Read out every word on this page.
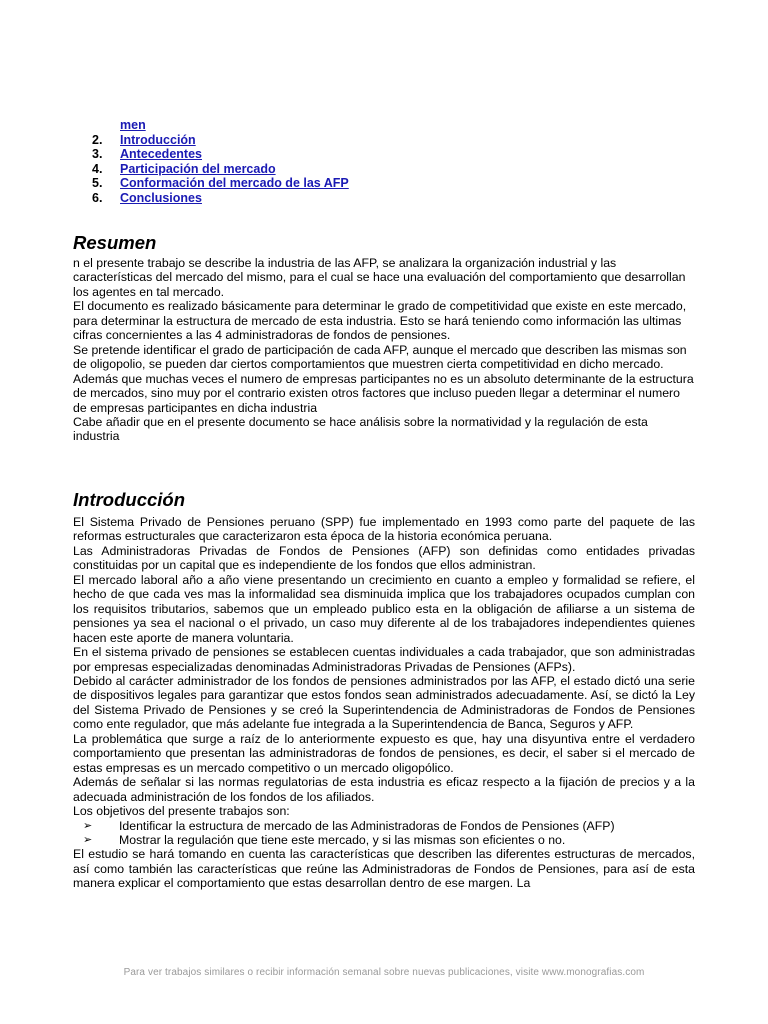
men
2.	Introducción
3.	Antecedentes
4.	Participación del mercado
5.	Conformación del mercado de las AFP
6.	Conclusiones
Resumen

n el presente trabajo se describe la industria de las AFP, se analizara la organización industrial y las características del mercado del mismo, para el cual se hace una evaluación del comportamiento que desarrollan los agentes en tal mercado.

El documento es realizado básicamente para determinar le grado de competitividad que existe en este mercado, para determinar la estructura de mercado de esta industria. Esto se hará teniendo como información las ultimas cifras concernientes a las 4 administradoras de fondos de pensiones.

Se pretende identificar el grado de participación de cada AFP, aunque el mercado que describen las mismas son de oligopolio, se pueden dar ciertos comportamientos que muestren cierta competitividad en dicho mercado.

Además que muchas veces el numero de empresas participantes no es un absoluto determinante de la estructura de mercados, sino muy por el contrario existen otros factores que incluso pueden llegar a determinar el numero de empresas participantes en dicha industria

Cabe añadir que en el presente documento se hace análisis sobre la normatividad y la regulación de esta industria

Introducción

El Sistema Privado de Pensiones peruano (SPP) fue implementado en 1993 como parte del paquete de las reformas estructurales que caracterizaron esta época de la historia económica peruana.

Las Administradoras Privadas de Fondos de Pensiones (AFP) son definidas como entidades privadas constituidas por un capital que es independiente de los fondos que ellos administran.

El mercado laboral año a año viene presentando un crecimiento en cuanto a empleo y formalidad se refiere, el hecho de que cada ves mas la informalidad sea disminuida implica que los trabajadores ocupados cumplan con los requisitos tributarios, sabemos que un empleado publico esta en la obligación de afiliarse a un sistema de pensiones ya sea el nacional o el privado, un caso muy diferente al de los trabajadores independientes quienes hacen este aporte de manera voluntaria.

En el sistema privado de pensiones se establecen cuentas individuales a cada trabajador, que son administradas por empresas especializadas denominadas Administradoras Privadas de Pensiones (AFPs).

Debido al carácter administrador de los fondos de pensiones administrados por las AFP, el estado dictó una serie de dispositivos legales para garantizar que estos fondos sean administrados adecuadamente. Así, se dictó la Ley del Sistema Privado de Pensiones y se creó la Superintendencia de Administradoras de Fondos de Pensiones como ente regulador, que más adelante fue integrada a la Superintendencia de Banca, Seguros y AFP.

La problemática que surge a raíz de lo anteriormente expuesto es que, hay una disyuntiva entre el verdadero comportamiento que presentan las administradoras de fondos de pensiones, es decir, el saber si el mercado de estas empresas es un mercado competitivo o un mercado oligopólico.

Además de señalar si las normas regulatorias de esta industria es eficaz respecto a la fijación de precios y a la adecuada administración de los fondos de los afiliados.

Los objetivos del presente trabajos son:

➢	Identificar la estructura de mercado de las Administradoras de Fondos de Pensiones (AFP)
➢	Mostrar la regulación que tiene este mercado, y si las mismas son eficientes o no.

El estudio se hará tomando en cuenta las características que describen las diferentes estructuras de mercados, así como también las características que reúne las Administradoras de Fondos de Pensiones, para así de esta manera explicar el comportamiento que estas desarrollan dentro de ese margen. La

Para ver trabajos similares o recibir información semanal sobre nuevas publicaciones, visite www.monografias.com
